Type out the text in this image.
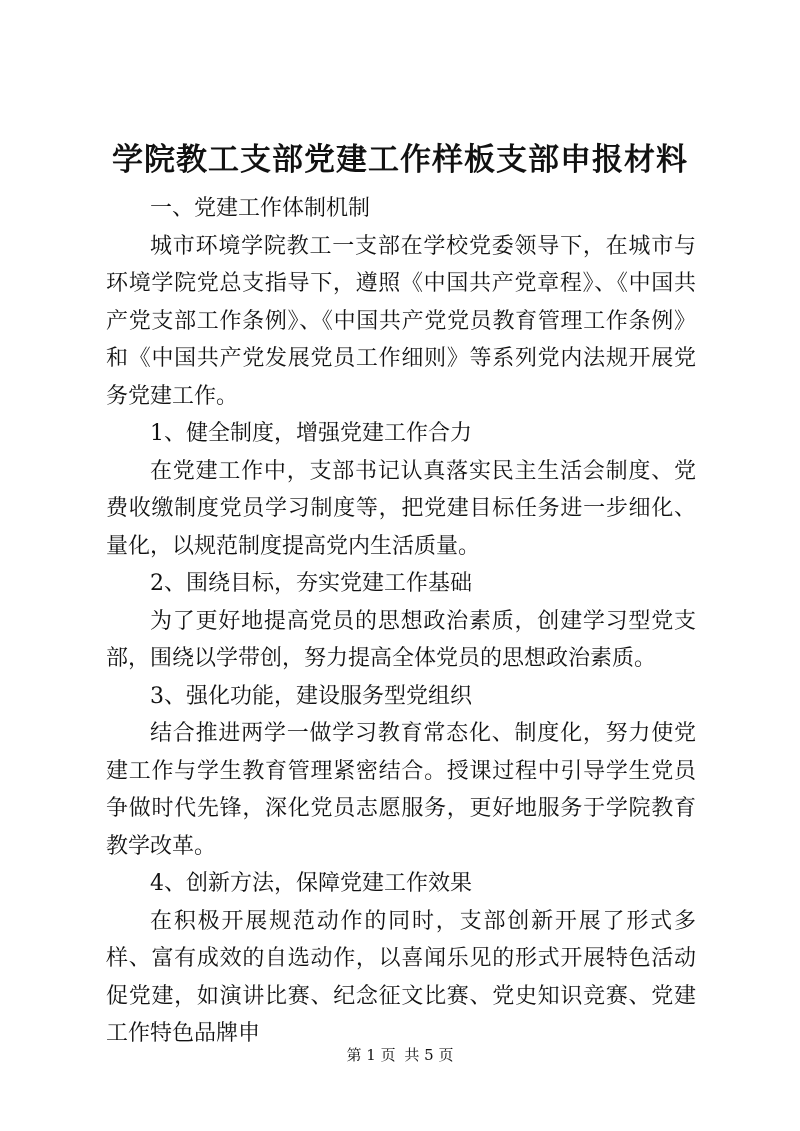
学院教工支部党建工作样板支部申报材料

一、党建工作体制机制

城市环境学院教工一支部在学校党委领导下，在城市与环境学院党总支指导下，遵照《中国共产党章程》、《中国共产党支部工作条例》、《中国共产党党员教育管理工作条例》和《中国共产党发展党员工作细则》等系列党内法规开展党务党建工作。

1、健全制度，增强党建工作合力

在党建工作中，支部书记认真落实民主生活会制度、党费收缴制度党员学习制度等，把党建目标任务进一步细化、量化，以规范制度提高党内生活质量。

2、围绕目标，夯实党建工作基础

为了更好地提高党员的思想政治素质，创建学习型党支部，围绕以学带创，努力提高全体党员的思想政治素质。

3、强化功能，建设服务型党组织

结合推进两学一做学习教育常态化、制度化，努力使党建工作与学生教育管理紧密结合。授课过程中引导学生党员争做时代先锋，深化党员志愿服务，更好地服务于学院教育教学改革。

4、创新方法，保障党建工作效果

在积极开展规范动作的同时，支部创新开展了形式多样、富有成效的自选动作，以喜闻乐见的形式开展特色活动促党建，如演讲比赛、纪念征文比赛、党史知识竞赛、党建工作特色品牌申

第 1 页 共 5 页
